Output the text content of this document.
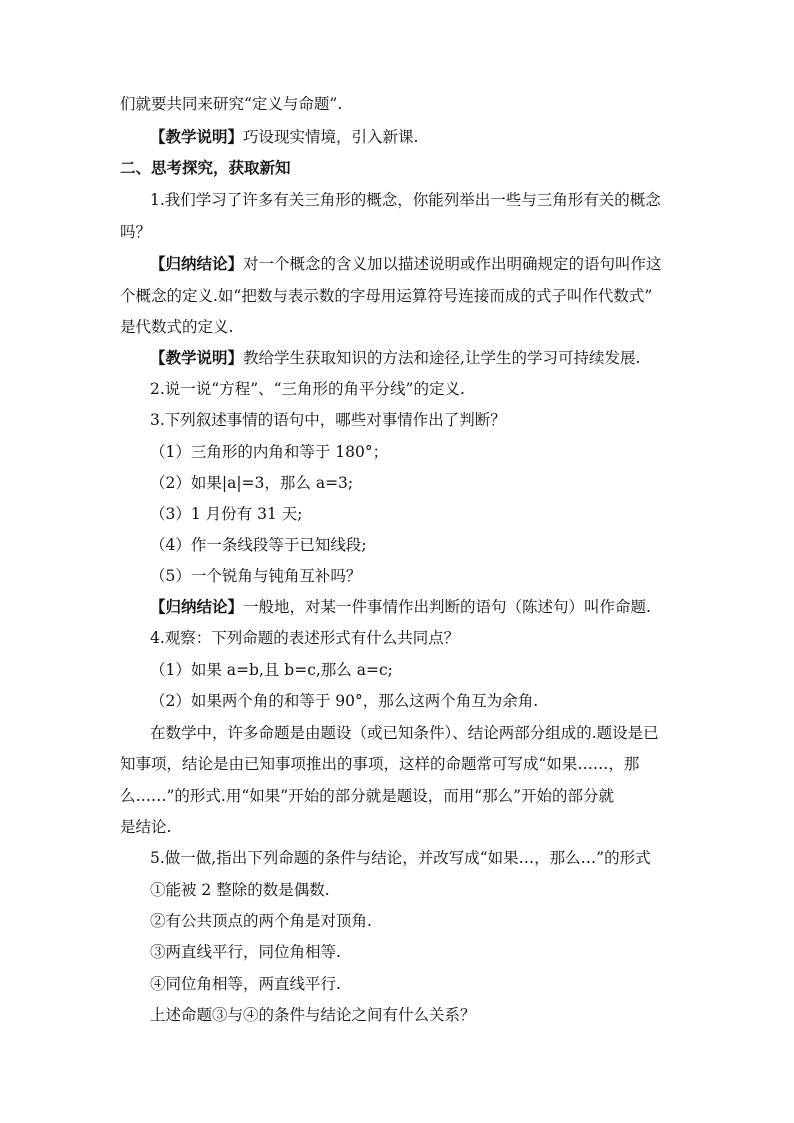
们就要共同来研究“定义与命题”.
【教学说明】巧设现实情境，引入新课.
二、思考探究，获取新知
1.我们学习了许多有关三角形的概念，你能列举出一些与三角形有关的概念
吗？
【归纳结论】对一个概念的含义加以描述说明或作出明确规定的语句叫作这
个概念的定义.如“把数与表示数的字母用运算符号连接而成的式子叫作代数式”
是代数式的定义.
【教学说明】教给学生获取知识的方法和途径,让学生的学习可持续发展.
2.说一说“方程”、“三角形的角平分线”的定义.
3.下列叙述事情的语句中，哪些对事情作出了判断？
（1）三角形的内角和等于 180°；
（2）如果|a|=3，那么 a=3;
（3）1 月份有 31 天;
（4）作一条线段等于已知线段;
（5）一个锐角与钝角互补吗？
【归纳结论】一般地，对某一件事情作出判断的语句（陈述句）叫作命题.
4.观察：下列命题的表述形式有什么共同点？
（1）如果 a=b,且 b=c,那么 a=c;
（2）如果两个角的和等于 90°，那么这两个角互为余角.
在数学中，许多命题是由题设（或已知条件）、结论两部分组成的.题设是已
知事项，结论是由已知事项推出的事项，这样的命题常可写成“如果……，那
么……”的形式.用“如果”开始的部分就是题设，而用“那么”开始的部分就
是结论.
5.做一做,指出下列命题的条件与结论，并改写成“如果…，那么…”的形式
①能被 2 整除的数是偶数.
②有公共顶点的两个角是对顶角.
③两直线平行，同位角相等.
④同位角相等，两直线平行.
上述命题③与④的条件与结论之间有什么关系？
